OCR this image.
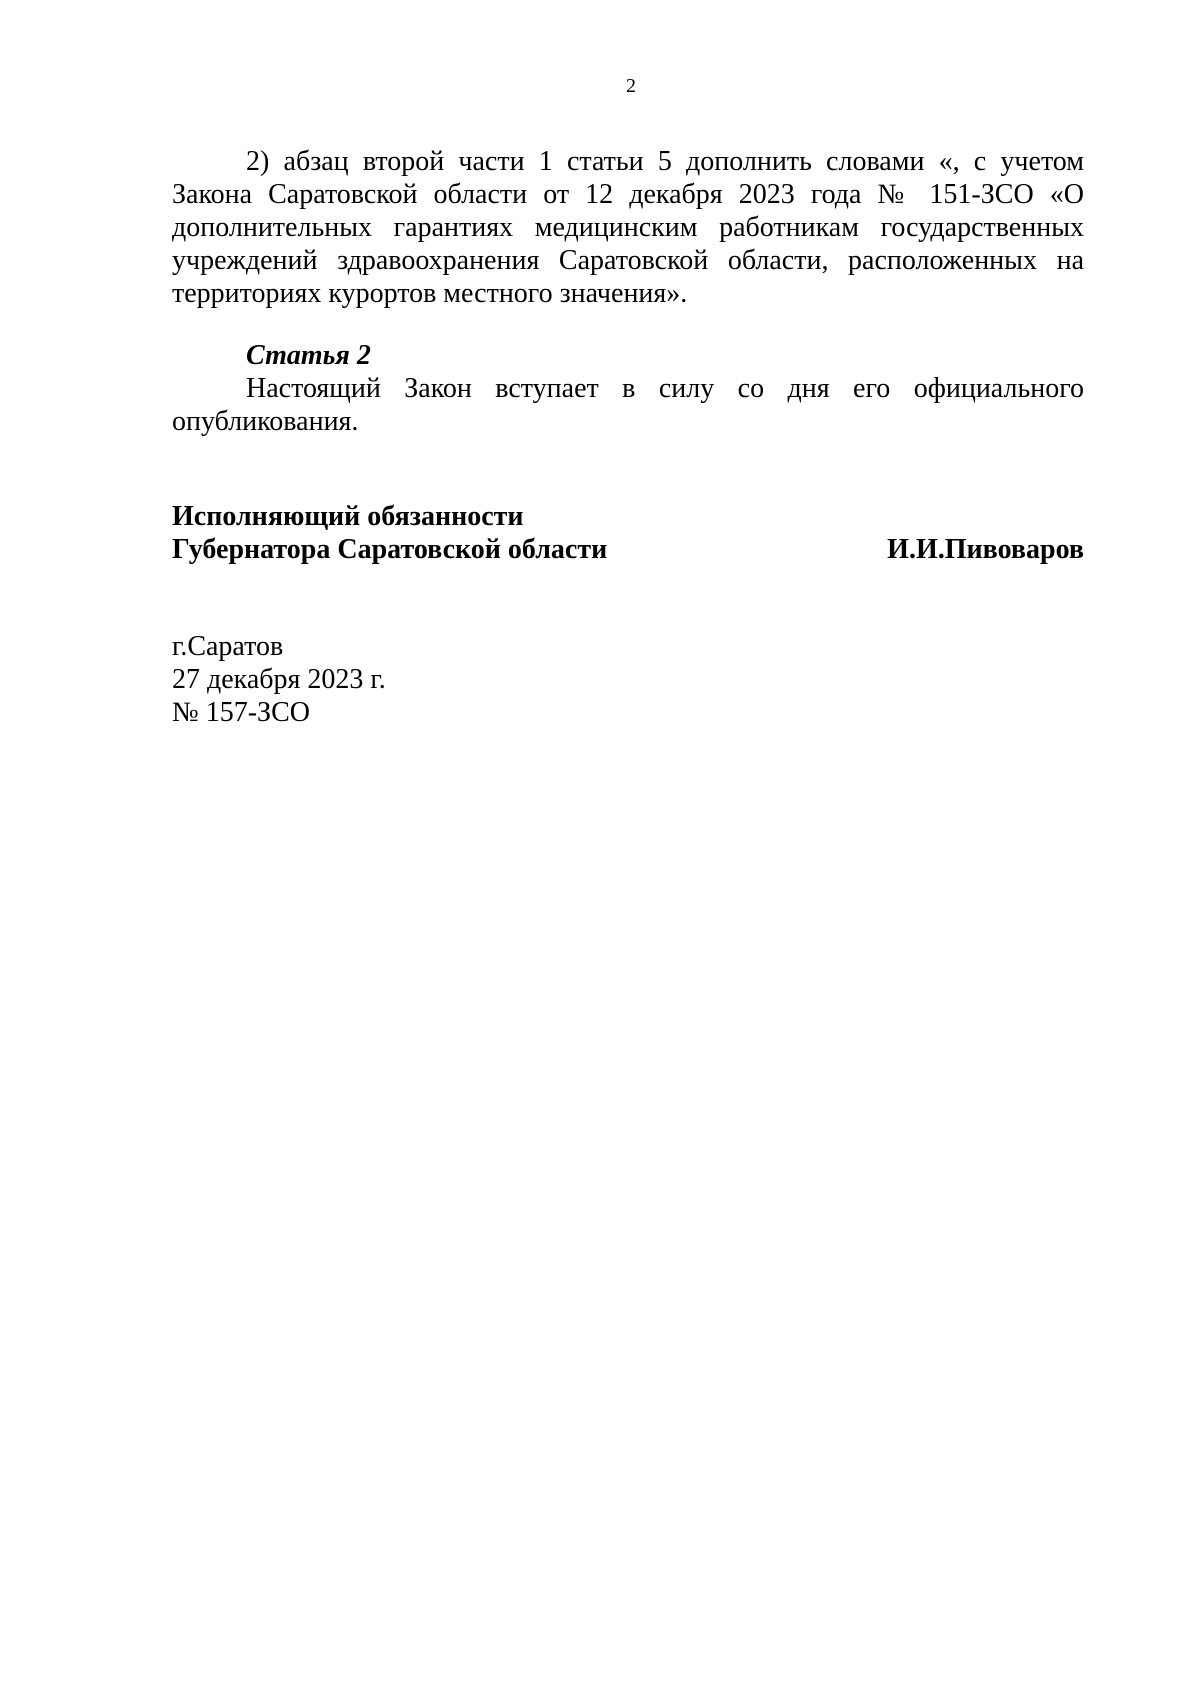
2

2) абзац второй части 1 статьи 5 дополнить словами «, с учетом Закона Саратовской области от 12 декабря 2023 года № 151-ЗСО «О дополнительных гарантиях медицинским работникам государственных учреждений здравоохранения Саратовской области, расположенных на территориях курортов местного значения».

Статья 2

Настоящий Закон вступает в силу со дня его официального опубликования.

Исполняющий обязанности
Губернатора Саратовской области	И.И.Пивоваров
г.Саратов
27 декабря 2023 г.
№ 157-ЗСО
